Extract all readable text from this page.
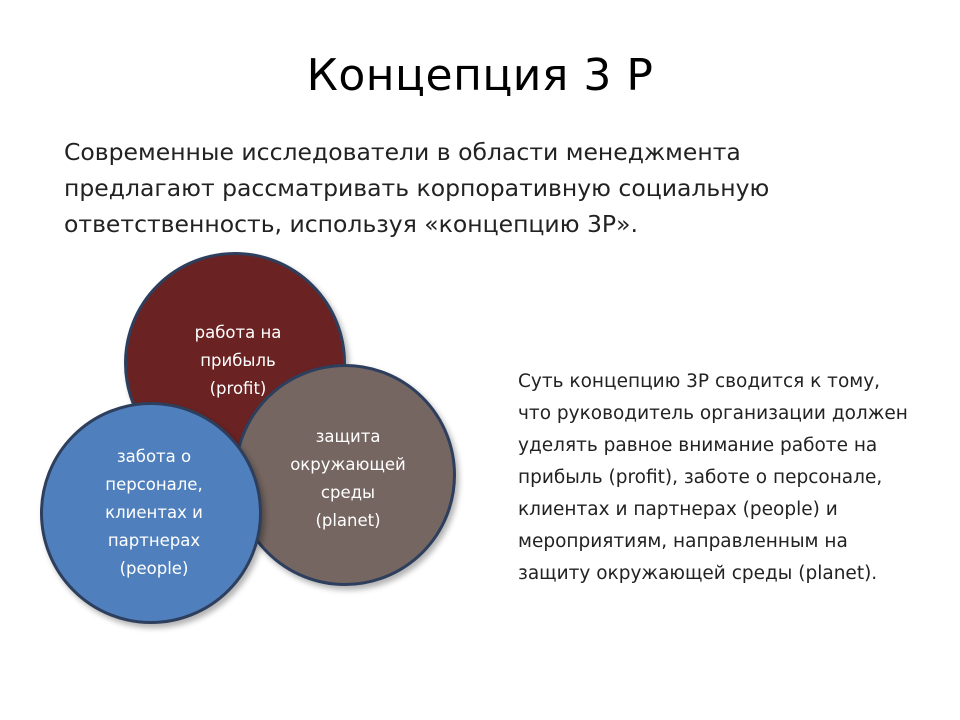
Концепция 3 Р

Современные исследователи в области менеджмента предлагают рассматривать корпоративную социальную ответственность, используя «концепцию 3Р».

работа на
прибыль
(profit)
защита
окружающей
среды
(planet)
забота о
персонале,
клиентах и
партнерах
(people)

Суть концепцию 3Р сводится к тому, что руководитель организации должен уделять равное внимание работе на прибыль (profit), заботе о персонале, клиентах и партнерах (people) и мероприятиям, направленным на защиту окружающей среды (planet).
